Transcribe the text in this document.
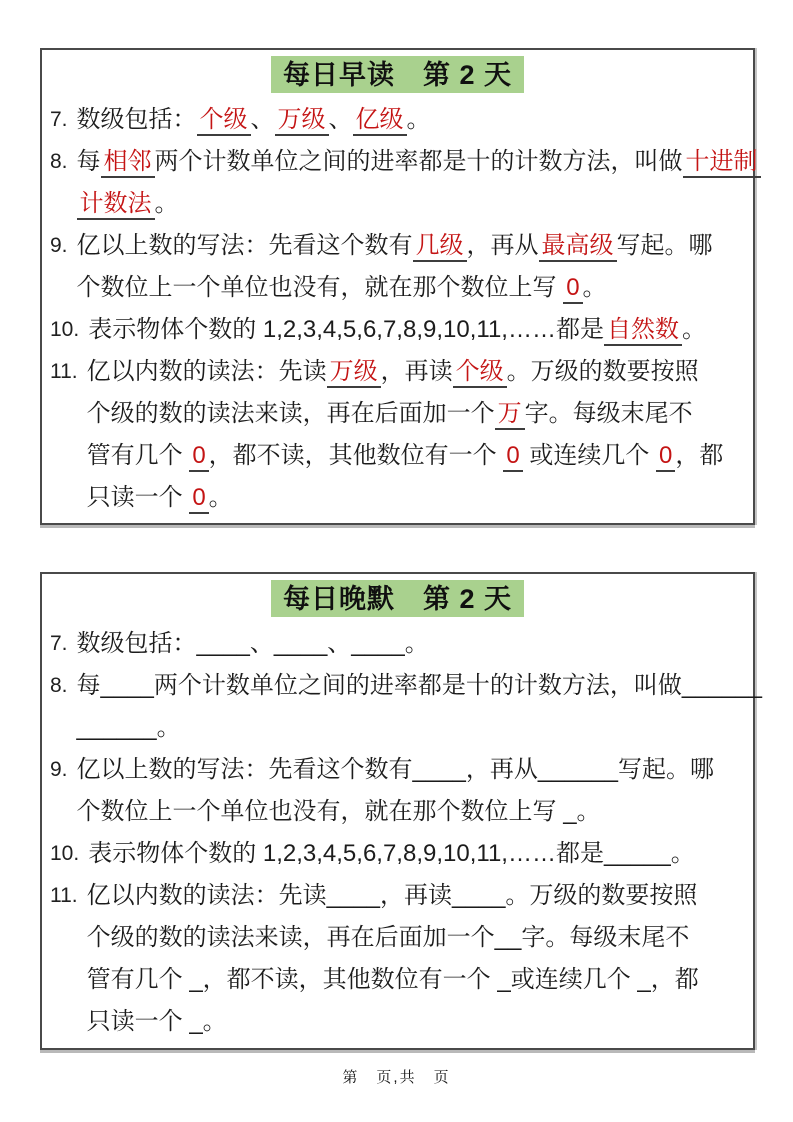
每日早读　第 2 天
7. 数级包括： 个级 、 万级 、 亿级 。
8. 每 相邻 两个计数单位之间的进率都是十的计数方法，叫做 十进制
计数法 。
9. 亿以上数的写法：先看这个数有 几级 ，再从 最高级 写起。哪
个数位上一个单位也没有，就在那个数位上写 0 。
10. 表示物体个数的 1,2,3,4,5,6,7,8,9,10,11,……都是 自然数 。
11. 亿以内数的读法：先读 万级 ，再读 个级 。万级的数要按照
个级的数的读法来读，再在后面加一个 万 字。每级末尾不
管有几个 0 ，都不读，其他数位有一个 0 或连续几个 0 ，都
只读一个 0 。
每日晚默　第 2 天
7. 数级包括：____、____、____。
8. 每____两个计数单位之间的进率都是十的计数方法，叫做______
______。
9. 亿以上数的写法：先看这个数有____，再从______写起。哪
个数位上一个单位也没有，就在那个数位上写 _。
10. 表示物体个数的 1,2,3,4,5,6,7,8,9,10,11,……都是_____。
11. 亿以内数的读法：先读____，再读____。万级的数要按照
个级的数的读法来读，再在后面加一个__字。每级末尾不
管有几个 _，都不读，其他数位有一个 _或连续几个 _，都
只读一个 _。
第　页,共　页
